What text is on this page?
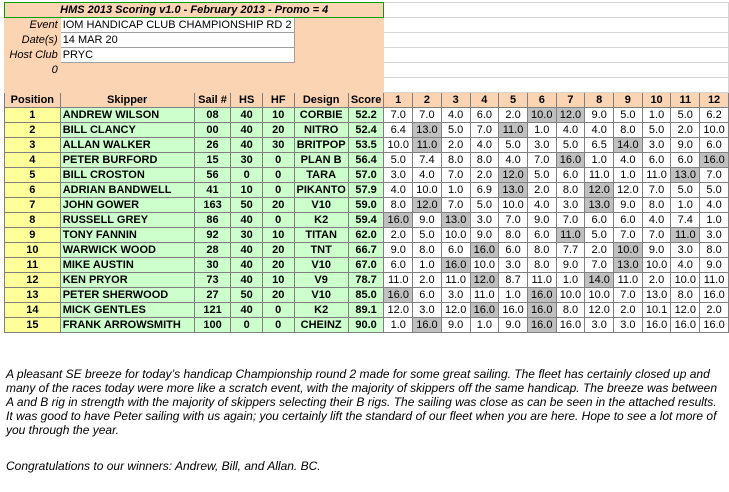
HMS 2013 Scoring v1.0 - February 2013 - Promo = 4																		
Event	IOM HANDICAP CLUB CHAMPIONSHIP RD 2																	
Date(s)	14 MAR 20																	
Host Club	PRYC																	
0																		

Position	Skipper	Sail #	HS	HF	Design	Score	1	2	3	4	5	6	7	8	9	10	11	12
1	ANDREW WILSON	08	40	10	CORBIE	52.2	7.0	7.0	4.0	6.0	2.0	10.0	12.0	9.0	5.0	1.0	5.0	6.2
2	BILL CLANCY	00	40	20	NITRO	52.4	6.4	13.0	5.0	7.0	11.0	1.0	4.0	4.0	8.0	5.0	2.0	10.0
3	ALLAN WALKER	26	40	30	BRITPOP	53.5	10.0	11.0	2.0	4.0	5.0	3.0	5.0	6.5	14.0	3.0	9.0	6.0
4	PETER BURFORD	15	30	0	PLAN B	56.4	5.0	7.4	8.0	8.0	4.0	7.0	16.0	1.0	4.0	6.0	6.0	16.0
5	BILL CROSTON	56	0	0	TARA	57.0	3.0	4.0	7.0	2.0	12.0	5.0	6.0	11.0	1.0	11.0	13.0	7.0
6	ADRIAN BANDWELL	41	10	0	PIKANTO	57.9	4.0	10.0	1.0	6.9	13.0	2.0	8.0	12.0	12.0	7.0	5.0	5.0
7	JOHN GOWER	163	50	20	V10	59.0	8.0	12.0	7.0	5.0	10.0	4.0	3.0	13.0	9.0	8.0	1.0	4.0
8	RUSSELL GREY	86	40	0	K2	59.4	16.0	9.0	13.0	3.0	7.0	9.0	7.0	6.0	6.0	4.0	7.4	1.0
9	TONY FANNIN	92	30	10	TITAN	62.0	2.0	5.0	10.0	9.0	8.0	6.0	11.0	5.0	7.0	7.0	11.0	3.0
10	WARWICK WOOD	28	40	20	TNT	66.7	9.0	8.0	6.0	16.0	6.0	8.0	7.7	2.0	10.0	9.0	3.0	8.0
11	MIKE AUSTIN	30	40	20	V10	67.0	6.0	1.0	16.0	10.0	3.0	8.0	9.0	7.0	13.0	10.0	4.0	9.0
12	KEN PRYOR	73	40	10	V9	78.7	11.0	2.0	11.0	12.0	8.7	11.0	1.0	14.0	11.0	2.0	10.0	11.0
13	PETER SHERWOOD	27	50	20	V10	85.0	16.0	6.0	3.0	11.0	1.0	16.0	10.0	10.0	7.0	13.0	8.0	16.0
14	MICK GENTLES	121	40	0	K2	89.1	12.0	3.0	12.0	16.0	16.0	16.0	8.0	12.0	2.0	10.1	12.0	2.0
15	FRANK ARROWSMITH	100	0	0	CHEINZ	90.0	1.0	16.0	9.0	1.0	9.0	16.0	16.0	3.0	3.0	16.0	16.0	16.0

A pleasant SE breeze for today’s handicap Championship round 2 made for some great sailing. The fleet has certainly closed up and many of the races today were more like a scratch event, with the majority of skippers off the same handicap. The breeze was between A and B rig in strength with the majority of skippers selecting their B rigs. The sailing was close as can be seen in the attached results. It was good to have Peter sailing with us again; you certainly lift the standard of our fleet when you are here. Hope to see a lot more of you through the year.

Congratulations to our winners: Andrew, Bill, and Allan. BC.
